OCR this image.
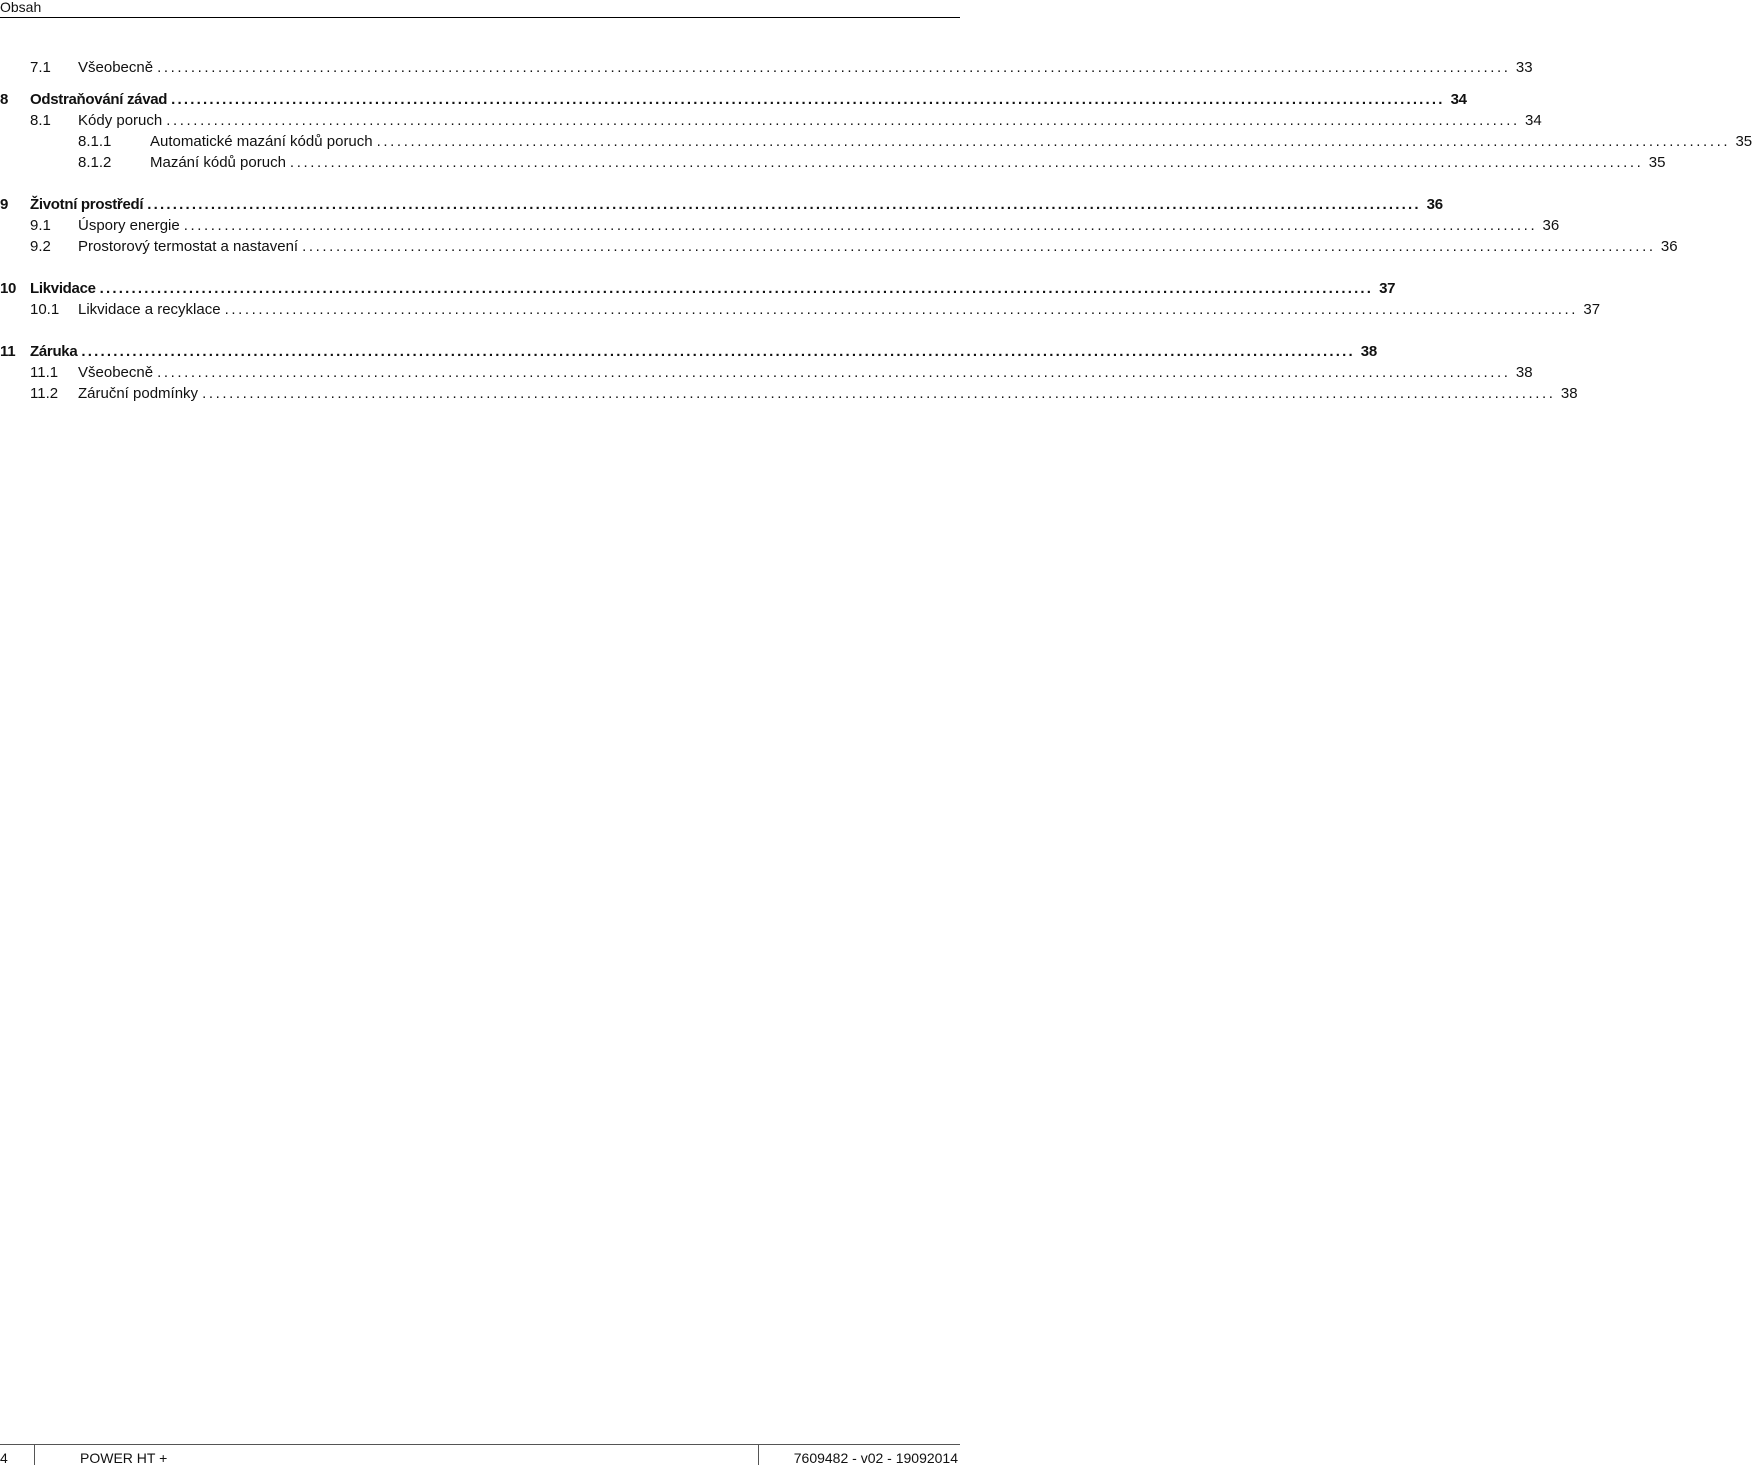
Obsah
7.1	Všeobecně ........................................................................................................................................................................................................ 33
8	Odstraňování závad ........................................................................................................................................................................................................ 34
8.1	Kódy poruch ........................................................................................................................................................................................................ 34
8.1.1	Automatické mazání kódů poruch ........................................................................................................................................................................................................ 35
8.1.2	Mazání kódů poruch ........................................................................................................................................................................................................ 35
9	Životní prostředí ........................................................................................................................................................................................................ 36
9.1	Úspory energie ........................................................................................................................................................................................................ 36
9.2	Prostorový termostat a nastavení ........................................................................................................................................................................................................ 36
10 Likvidace ........................................................................................................................................................................................................ 37
10.1	Likvidace a recyklace ........................................................................................................................................................................................................ 37
11 Záruka ........................................................................................................................................................................................................ 38
11.1	Všeobecně ........................................................................................................................................................................................................ 38
11.2	Záruční podmínky ........................................................................................................................................................................................................ 38
4	POWER HT +	7609482 - v02 - 19092014
